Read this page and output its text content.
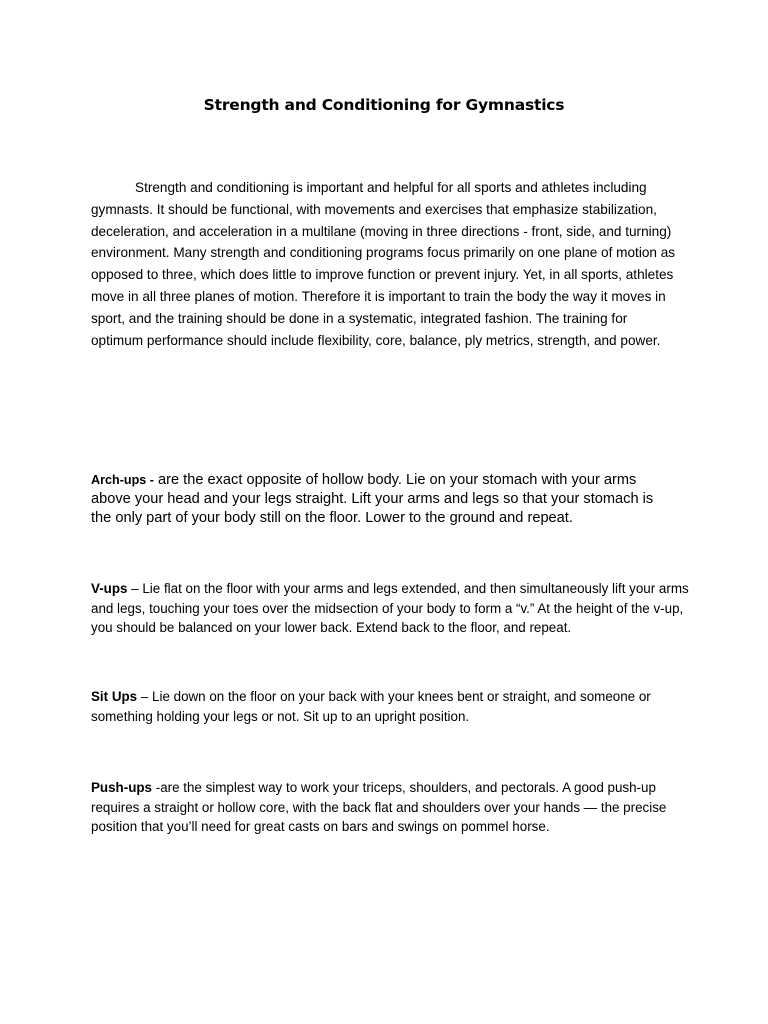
Strength and Conditioning for Gymnastics

Strength and conditioning is important and helpful for all sports and athletes including gymnasts. It should be functional, with movements and exercises that emphasize stabilization, deceleration, and acceleration in a multilane (moving in three directions - front, side, and turning) environment. Many strength and conditioning programs focus primarily on one plane of motion as opposed to three, which does little to improve function or prevent injury. Yet, in all sports, athletes move in all three planes of motion. Therefore it is important to train the body the way it moves in sport, and the training should be done in a systematic, integrated fashion. The training for optimum performance should include flexibility, core, balance, ply metrics, strength, and power.

Arch-ups - are the exact opposite of hollow body. Lie on your stomach with your arms above your head and your legs straight. Lift your arms and legs so that your stomach is the only part of your body still on the floor. Lower to the ground and repeat.

V-ups – Lie flat on the floor with your arms and legs extended, and then simultaneously lift your arms and legs, touching your toes over the midsection of your body to form a “v.” At the height of the v-up, you should be balanced on your lower back. Extend back to the floor, and repeat.

Sit Ups – Lie down on the floor on your back with your knees bent or straight, and someone or something holding your legs or not. Sit up to an upright position.

Push-ups -are the simplest way to work your triceps, shoulders, and pectorals. A good push-up requires a straight or hollow core, with the back flat and shoulders over your hands — the precise position that you’ll need for great casts on bars and swings on pommel horse.
